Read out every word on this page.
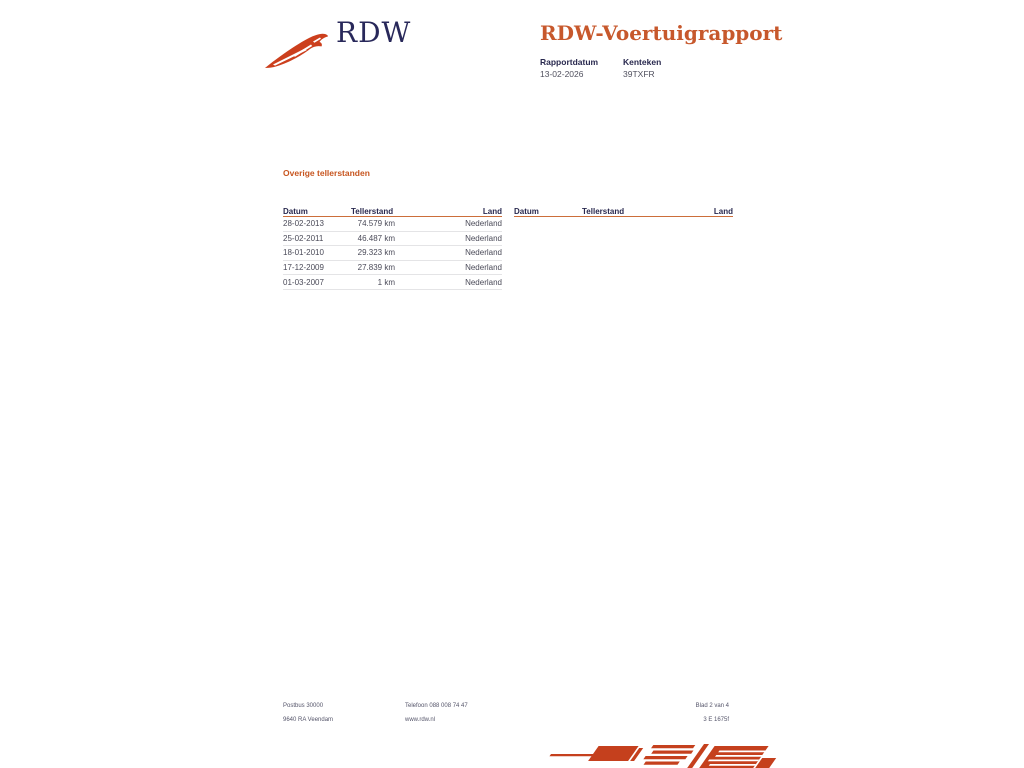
RDW	RDW-Voertuigrapport
Rapportdatum
13-02-2026
Kenteken
39TXFR
Overige tellerstanden
Datum	Tellerstand	Land
28-02-2013	74.579 km	Nederland
25-02-2011	46.487 km	Nederland
18-01-2010	29.323 km	Nederland
17-12-2009	27.839 km	Nederland
01-03-2007	1 km	Nederland
Datum	Tellerstand	Land
Postbus 30000
9640 RA Veendam
Telefoon 088 008 74 47
www.rdw.nl
Blad 2 van 4
3 E 1675f
